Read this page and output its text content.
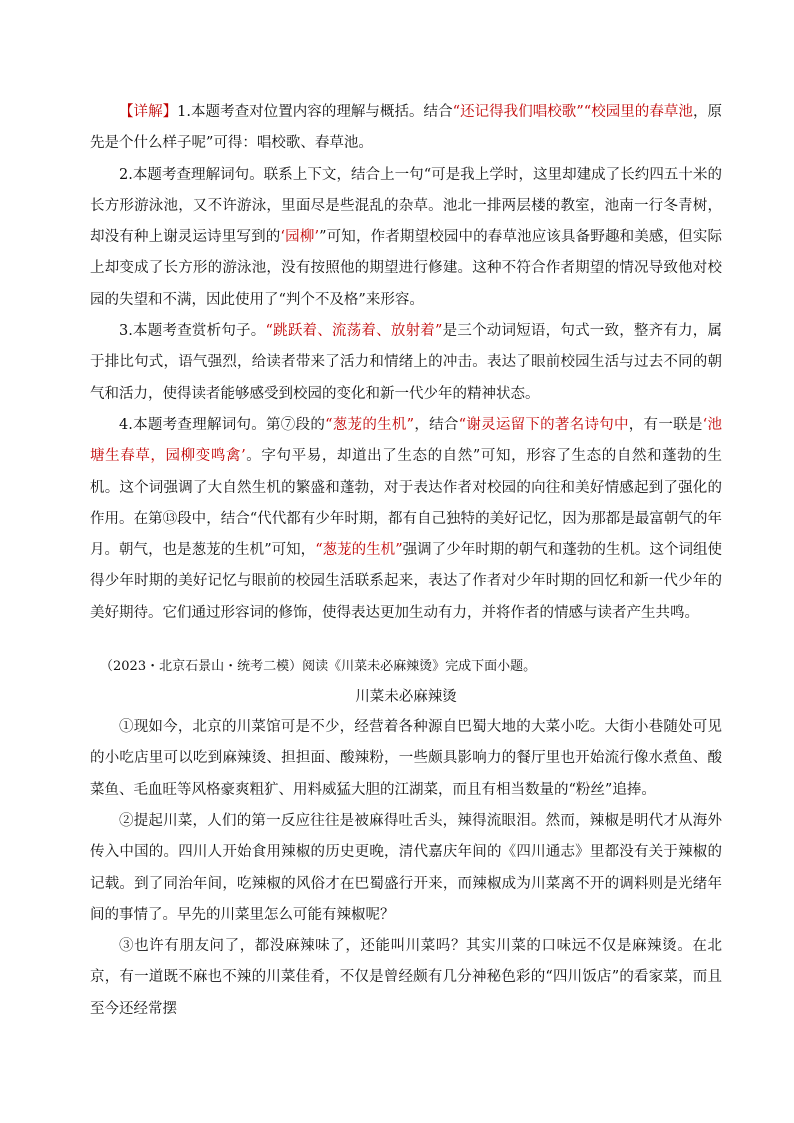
【详解】1.本题考查对位置内容的理解与概括。结合“还记得我们唱校歌”“校园里的春草池，原先是个什么样子呢”可得：唱校歌、春草池。

2.本题考查理解词句。联系上下文，结合上一句“可是我上学时，这里却建成了长约四五十米的长方形游泳池，又不许游泳，里面尽是些混乱的杂草。池北一排两层楼的教室，池南一行冬青树，却没有种上谢灵运诗里写到的‘园柳’”可知，作者期望校园中的春草池应该具备野趣和美感，但实际上却变成了长方形的游泳池，没有按照他的期望进行修建。这种不符合作者期望的情况导致他对校园的失望和不满，因此使用了“判个不及格”来形容。

3.本题考查赏析句子。“跳跃着、流荡着、放射着”是三个动词短语，句式一致，整齐有力，属于排比句式，语气强烈，给读者带来了活力和情绪上的冲击。表达了眼前校园生活与过去不同的朝气和活力，使得读者能够感受到校园的变化和新一代少年的精神状态。

4.本题考查理解词句。第⑦段的“葱茏的生机”，结合“谢灵运留下的著名诗句中，有一联是‘池塘生春草，园柳变鸣禽’。字句平易，却道出了生态的自然”可知，形容了生态的自然和蓬勃的生机。这个词强调了大自然生机的繁盛和蓬勃，对于表达作者对校园的向往和美好情感起到了强化的作用。在第⑬段中，结合“代代都有少年时期，都有自己独特的美好记忆，因为那都是最富朝气的年月。朝气，也是葱茏的生机”可知，“葱茏的生机”强调了少年时期的朝气和蓬勃的生机。这个词组使得少年时期的美好记忆与眼前的校园生活联系起来，表达了作者对少年时期的回忆和新一代少年的美好期待。它们通过形容词的修饰，使得表达更加生动有力，并将作者的情感与读者产生共鸣。

（2023・北京石景山・统考二模）阅读《川菜未必麻辣烫》完成下面小题。

川菜未必麻辣烫

①现如今，北京的川菜馆可是不少，经营着各种源自巴蜀大地的大菜小吃。大街小巷随处可见的小吃店里可以吃到麻辣烫、担担面、酸辣粉，一些颇具影响力的餐厅里也开始流行像水煮鱼、酸菜鱼、毛血旺等风格豪爽粗犷、用料威猛大胆的江湖菜，而且有相当数量的“粉丝”追捧。

②提起川菜，人们的第一反应往往是被麻得吐舌头，辣得流眼泪。然而，辣椒是明代才从海外传入中国的。四川人开始食用辣椒的历史更晚，清代嘉庆年间的《四川通志》里都没有关于辣椒的记载。到了同治年间，吃辣椒的风俗才在巴蜀盛行开来，而辣椒成为川菜离不开的调料则是光绪年间的事情了。早先的川菜里怎么可能有辣椒呢？

③也许有朋友问了，都没麻辣味了，还能叫川菜吗？其实川菜的口味远不仅是麻辣烫。在北京，有一道既不麻也不辣的川菜佳肴，不仅是曾经颇有几分神秘色彩的“四川饭店”的看家菜，而且至今还经常摆
